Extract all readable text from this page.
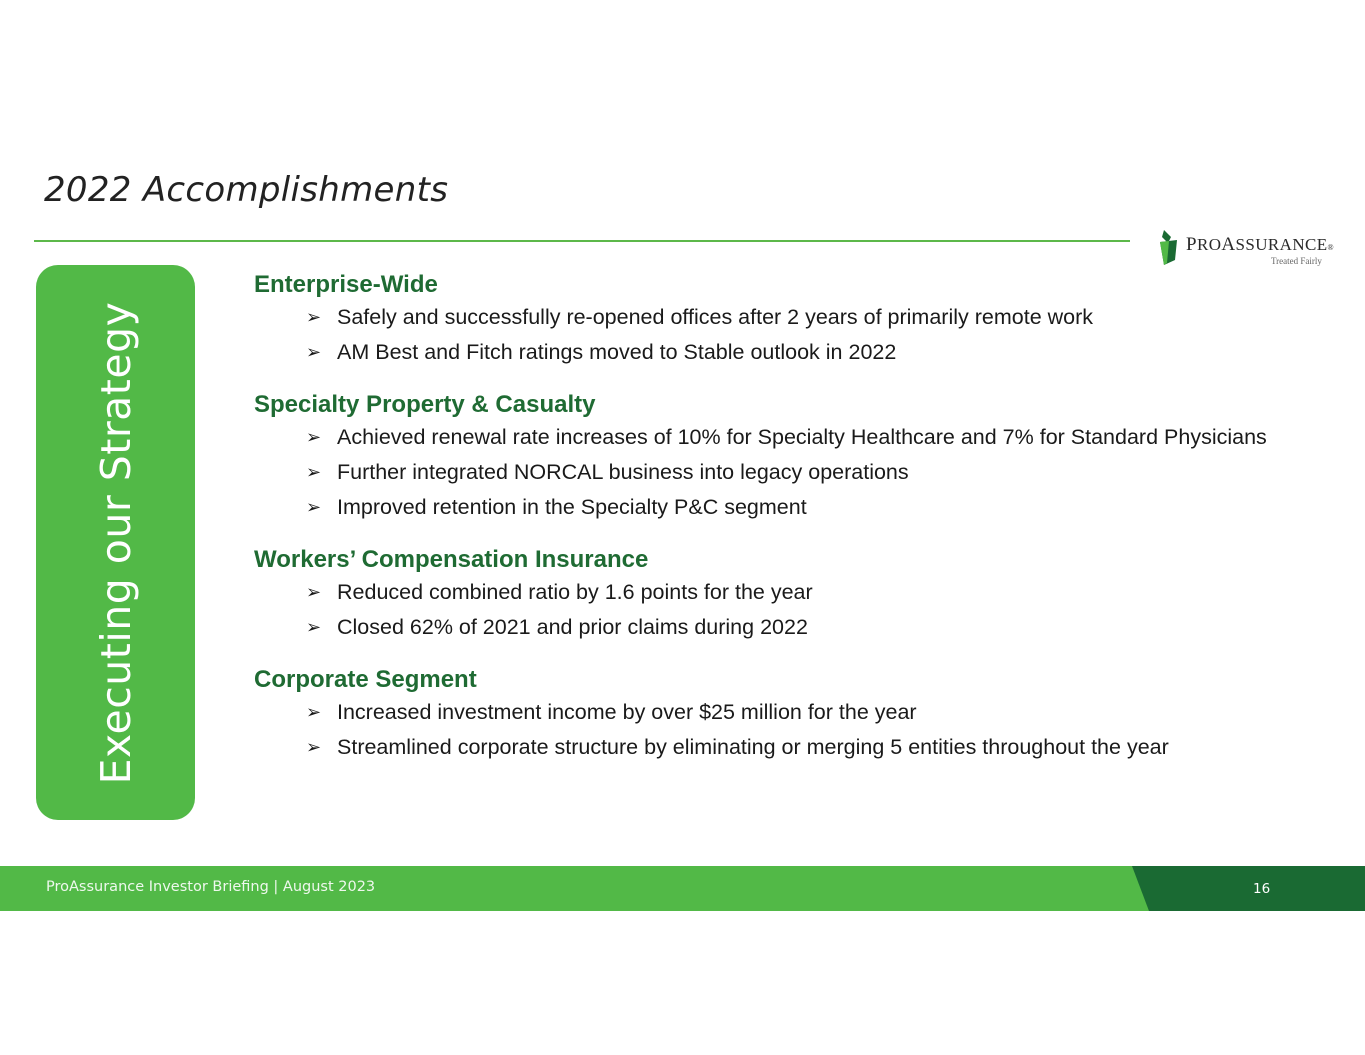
2022 Accomplishments
PROASSURANCE®
Treated Fairly
Executing our Strategy
Enterprise-Wide
➢ Safely and successfully re-opened offices after 2 years of primarily remote work
➢ AM Best and Fitch ratings moved to Stable outlook in 2022
Specialty Property & Casualty
➢ Achieved renewal rate increases of 10% for Specialty Healthcare and 7% for Standard Physicians
➢ Further integrated NORCAL business into legacy operations
➢ Improved retention in the Specialty P&C segment
Workers’ Compensation Insurance
➢ Reduced combined ratio by 1.6 points for the year
➢ Closed 62% of 2021 and prior claims during 2022
Corporate Segment
➢ Increased investment income by over $25 million for the year
➢ Streamlined corporate structure by eliminating or merging 5 entities throughout the year
ProAssurance Investor Briefing | August 2023	16
